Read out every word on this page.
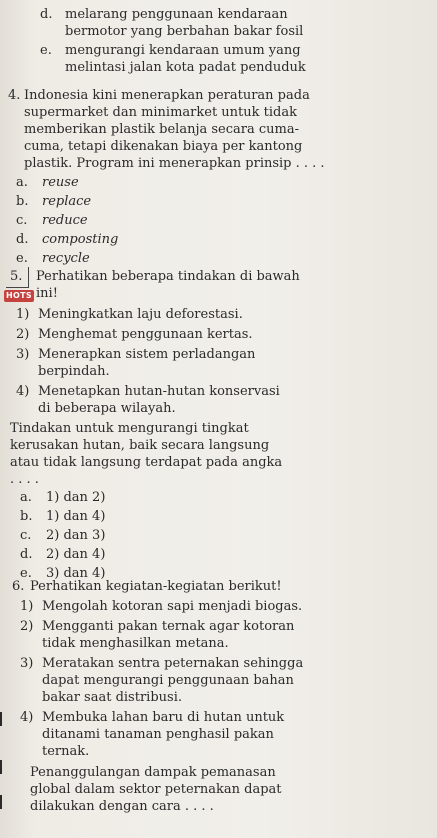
d. melarang penggunaan kendaraan
bermotor yang berbahan bakar fosil
e. mengurangi kendaraan umum yang
melintasi jalan kota padat penduduk
4. Indonesia kini menerapkan peraturan pada
supermarket dan minimarket untuk tidak
memberikan plastik belanja secara cuma-
cuma, tetapi dikenakan biaya per kantong
plastik. Program ini menerapkan prinsip . . . .
a. reuse
b. replace
c. reduce
d. composting
e. recycle
HOTS
5. Perhatikan beberapa tindakan di bawah
ini!
1) Meningkatkan laju deforestasi.
2) Menghemat penggunaan kertas.
3) Menerapkan sistem perladangan
berpindah.
4) Menetapkan hutan-hutan konservasi
di beberapa wilayah.
Tindakan untuk mengurangi tingkat
kerusakan hutan, baik secara langsung
atau tidak langsung terdapat pada angka
. . . .
a. 1) dan 2)
b. 1) dan 4)
c. 2) dan 3)
d. 2) dan 4)
e. 3) dan 4)
6. Perhatikan kegiatan-kegiatan berikut!
1) Mengolah kotoran sapi menjadi biogas.
2) Mengganti pakan ternak agar kotoran
tidak menghasilkan metana.
3) Meratakan sentra peternakan sehingga
dapat mengurangi penggunaan bahan
bakar saat distribusi.
4) Membuka lahan baru di hutan untuk
ditanami tanaman penghasil pakan
ternak.
Penanggulangan dampak pemanasan
global dalam sektor peternakan dapat
dilakukan dengan cara . . . .
